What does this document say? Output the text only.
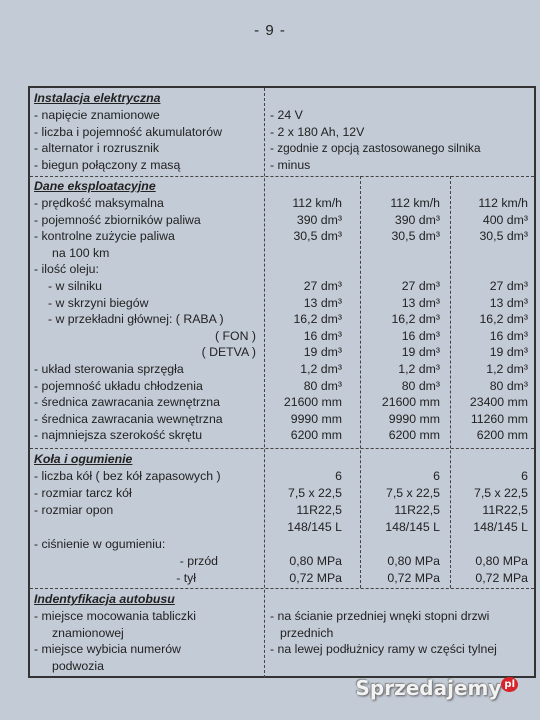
- 9 -
Instalacja elektryczna
- napięcie znamionowe	- 24 V
- liczba i pojemność akumulatorów	- 2 x 180 Ah, 12V
- alternator i rozrusznik	- zgodnie z opcją zastosowanego silnika
- biegun połączony z masą	- minus
Dane eksploatacyjne
- prędkość maksymalna	112 km/h	112 km/h	112 km/h
- pojemność zbiorników paliwa	390 dm³	390 dm³	400 dm³
- kontrolne zużycie paliwa	30,5 dm³	30,5 dm³	30,5 dm³
na 100 km
- ilość oleju:
- w silniku	27 dm³	27 dm³	27 dm³
- w skrzyni biegów	13 dm³	13 dm³	13 dm³
- w przekładni głównej: ( RABA )	16,2 dm³	16,2 dm³	16,2 dm³
( FON )	16 dm³	16 dm³	16 dm³
( DETVA )	19 dm³	19 dm³	19 dm³
- układ sterowania sprzęgła	1,2 dm³	1,2 dm³	1,2 dm³
- pojemność układu chłodzenia	80 dm³	80 dm³	80 dm³
- średnica zawracania zewnętrzna	21600 mm	21600 mm	23400 mm
- średnica zawracania wewnętrzna	9990 mm	9990 mm	11260 mm
- najmniejsza szerokość skrętu	6200 mm	6200 mm	6200 mm
Koła i ogumienie
- liczba kół ( bez kół zapasowych )	6	6	6
- rozmiar tarcz kół	7,5 x 22,5	7,5 x 22,5	7,5 x 22,5
- rozmiar opon	11R22,5	11R22,5	11R22,5
148/145 L	148/145 L	148/145 L
- ciśnienie w ogumieniu:
- przód	0,80 MPa	0,80 MPa	0,80 MPa
- tył	0,72 MPa	0,72 MPa	0,72 MPa
Indentyfikacja autobusu
- miejsce mocowania tabliczki	- na ścianie przedniej wnęki stopni drzwi
znamionowej	przednich
- miejsce wybicia numerów	- na lewej podłużnicy ramy w części tylnej
podwozia
Sprzedajemy pl
